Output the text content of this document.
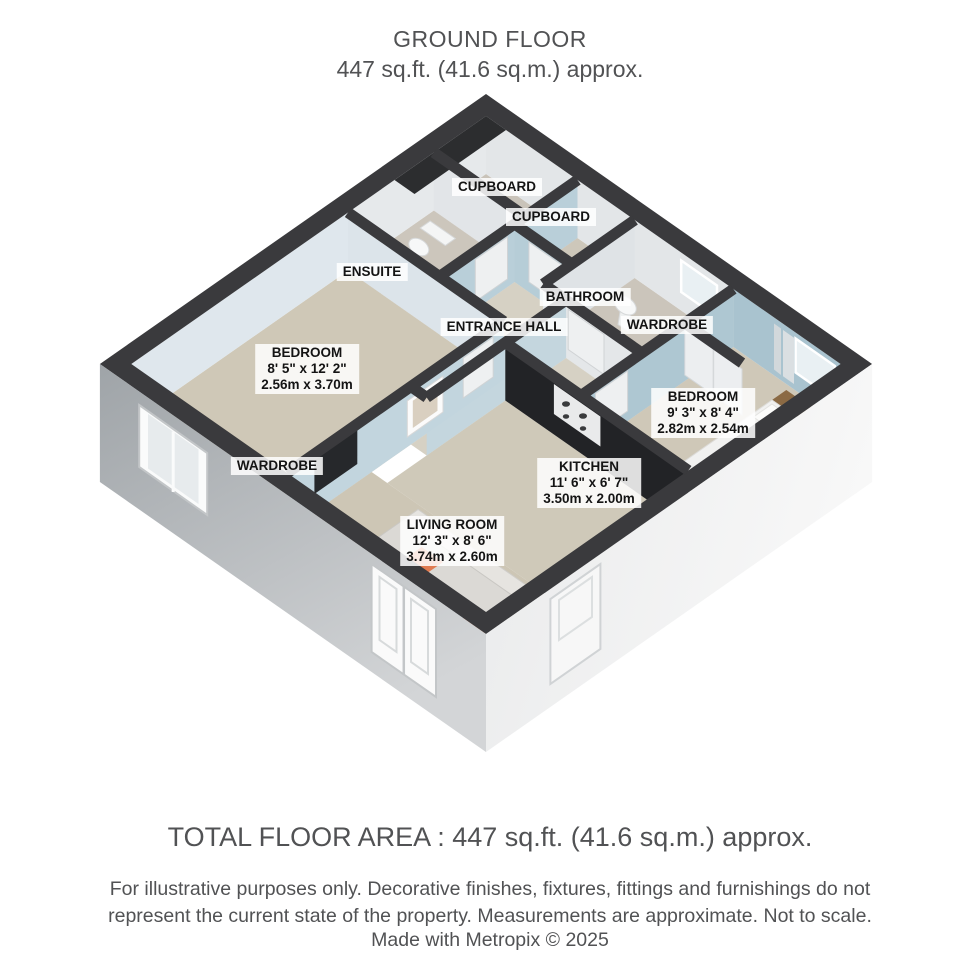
GROUND FLOOR
447 sq.ft. (41.6 sq.m.) approx.
CUPBOARD
CUPBOARD
ENSUITE
BATHROOM
ENTRANCE HALL	WARDROBE
BEDROOM
8' 5" x 12' 2"
2.56m x 3.70m
BEDROOM
9' 3" x 8' 4"
2.82m x 2.54m
WARDROBE	KITCHEN
11' 6" x 6' 7"
3.50m x 2.00m
LIVING ROOM
12' 3" x 8' 6"
3.74m x 2.60m
TOTAL FLOOR AREA : 447 sq.ft. (41.6 sq.m.) approx.
For illustrative purposes only. Decorative finishes, fixtures, fittings and furnishings do not represent the current state of the property. Measurements are approximate. Not to scale.
Made with Metropix © 2025
